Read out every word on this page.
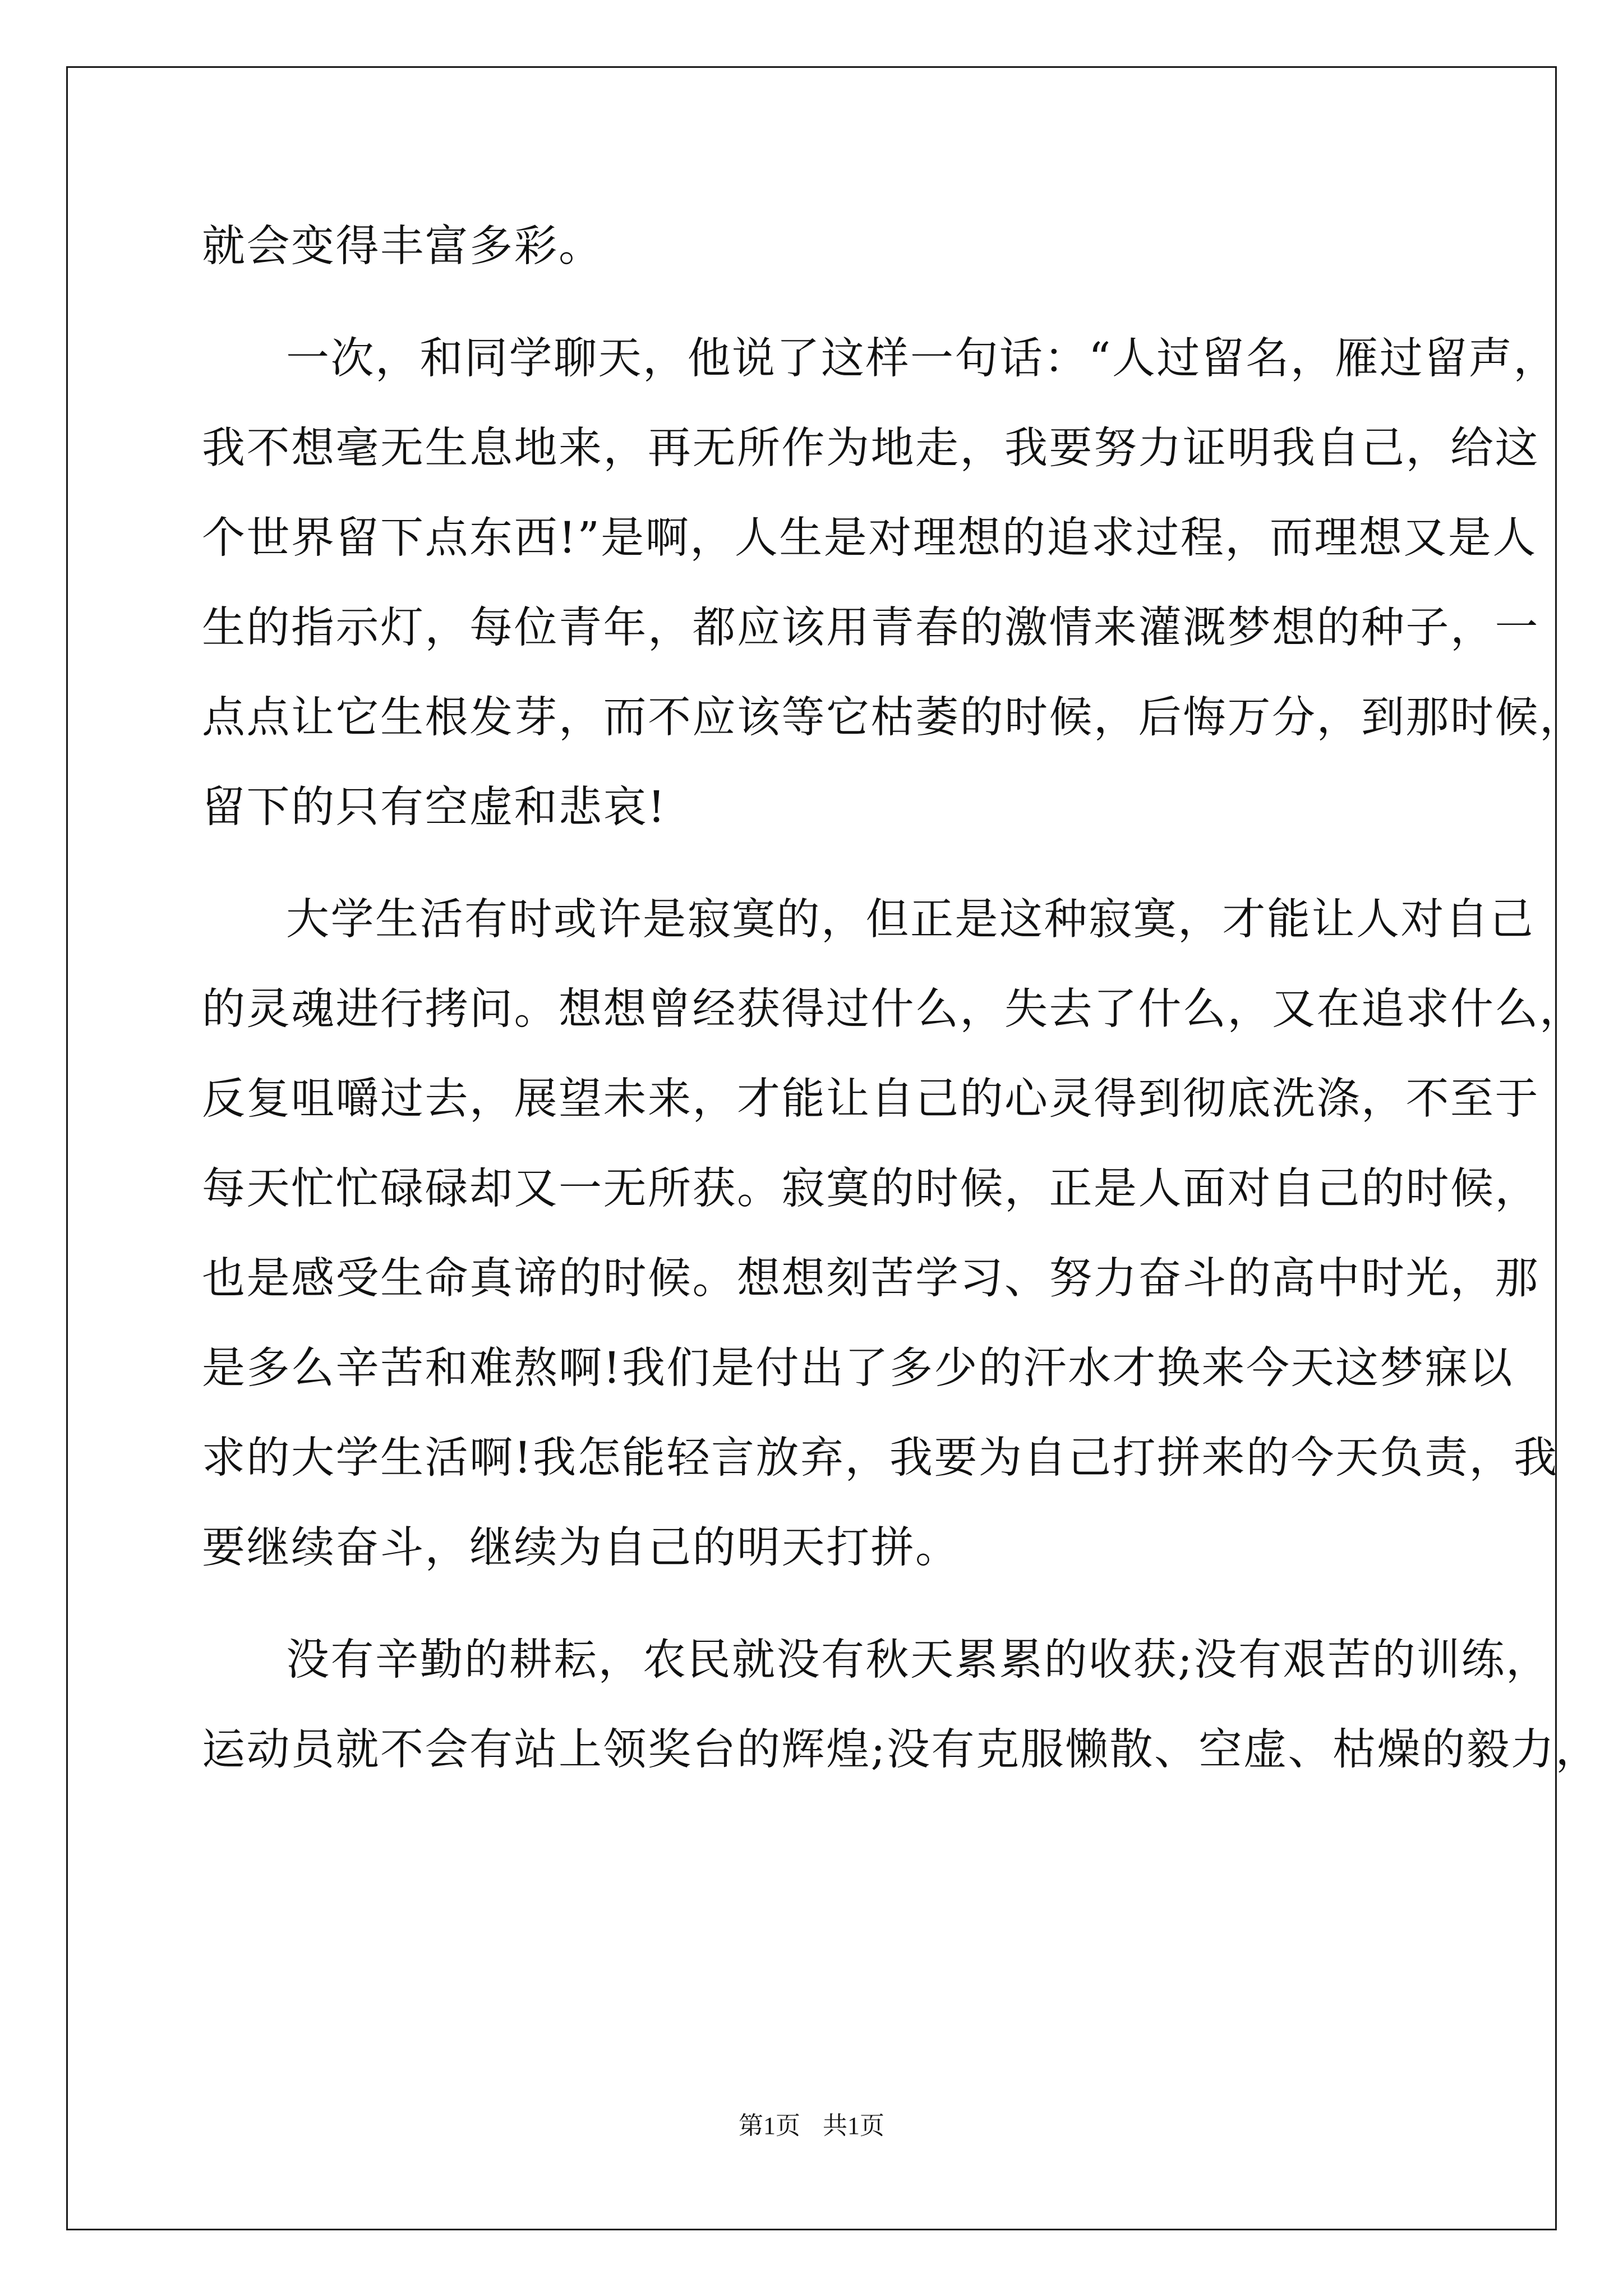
就会变得丰富多彩。
一次，和同学聊天，他说了这样一句话：“人过留名，雁过留声，
我不想毫无生息地来，再无所作为地走，我要努力证明我自己，给这
个世界留下点东西!”是啊，人生是对理想的追求过程，而理想又是人
生的指示灯，每位青年，都应该用青春的激情来灌溉梦想的种子，一
点点让它生根发芽，而不应该等它枯萎的时候，后悔万分，到那时候，
留下的只有空虚和悲哀!
大学生活有时或许是寂寞的，但正是这种寂寞，才能让人对自己
的灵魂进行拷问。想想曾经获得过什么，失去了什么，又在追求什么，
反复咀嚼过去，展望未来，才能让自己的心灵得到彻底洗涤，不至于
每天忙忙碌碌却又一无所获。寂寞的时候，正是人面对自己的时候，
也是感受生命真谛的时候。想想刻苦学习、努力奋斗的高中时光，那
是多么辛苦和难熬啊!我们是付出了多少的汗水才换来今天这梦寐以
求的大学生活啊!我怎能轻言放弃，我要为自己打拼来的今天负责，我
要继续奋斗，继续为自己的明天打拼。
没有辛勤的耕耘，农民就没有秋天累累的收获;没有艰苦的训练，
运动员就不会有站上领奖台的辉煌;没有克服懒散、空虚、枯燥的毅力，
第1页 共1页
